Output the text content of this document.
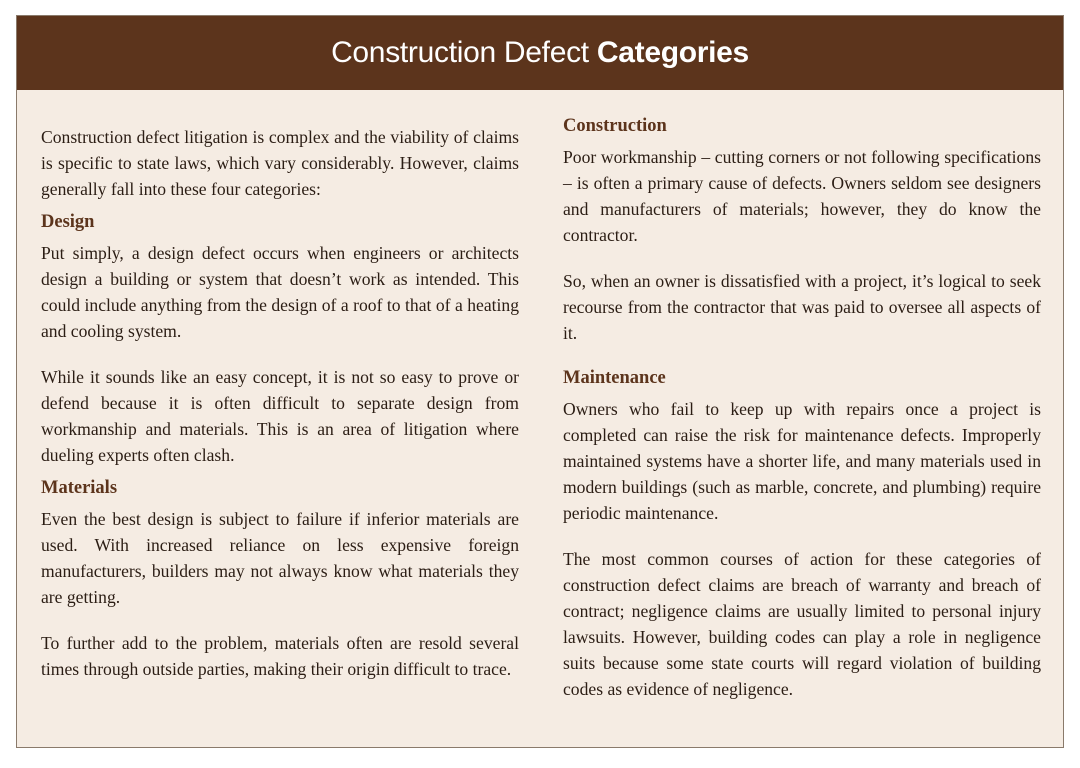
Construction Defect
Categories

Construction defect litigation is complex and the viability of claims is specific to state laws, which vary considerably. However, claims generally fall into these four categories:

Design

Put simply, a design defect occurs when engineers or architects design a building or system that doesn’t work as intended. This could include anything from the design of a roof to that of a heating and cooling system.

While it sounds like an easy concept, it is not so easy to prove or defend because it is often difficult to separate design from workmanship and materials. This is an area of litigation where dueling experts often clash.

Materials

Even the best design is subject to failure if inferior materials are used. With increased reliance on less expensive foreign manufacturers, builders may not always know what materials they are getting.

To further add to the problem, materials often are resold several times through outside parties, making their origin difficult to trace.

Construction

Poor workmanship – cutting corners or not following specifications – is often a primary cause of defects. Owners seldom see designers and manufacturers of materials; however, they do know the contractor.

So, when an owner is dissatisfied with a project, it’s logical to seek recourse from the contractor that was paid to oversee all aspects of it.

Maintenance

Owners who fail to keep up with repairs once a project is completed can raise the risk for maintenance defects. Improperly maintained systems have a shorter life, and many materials used in modern buildings (such as marble, concrete, and plumbing) require periodic maintenance.

The most common courses of action for these categories of construction defect claims are breach of warranty and breach of contract; negligence claims are usually limited to personal injury lawsuits. However, building codes can play a role in negligence suits because some state courts will regard violation of building codes as evidence of negligence.
